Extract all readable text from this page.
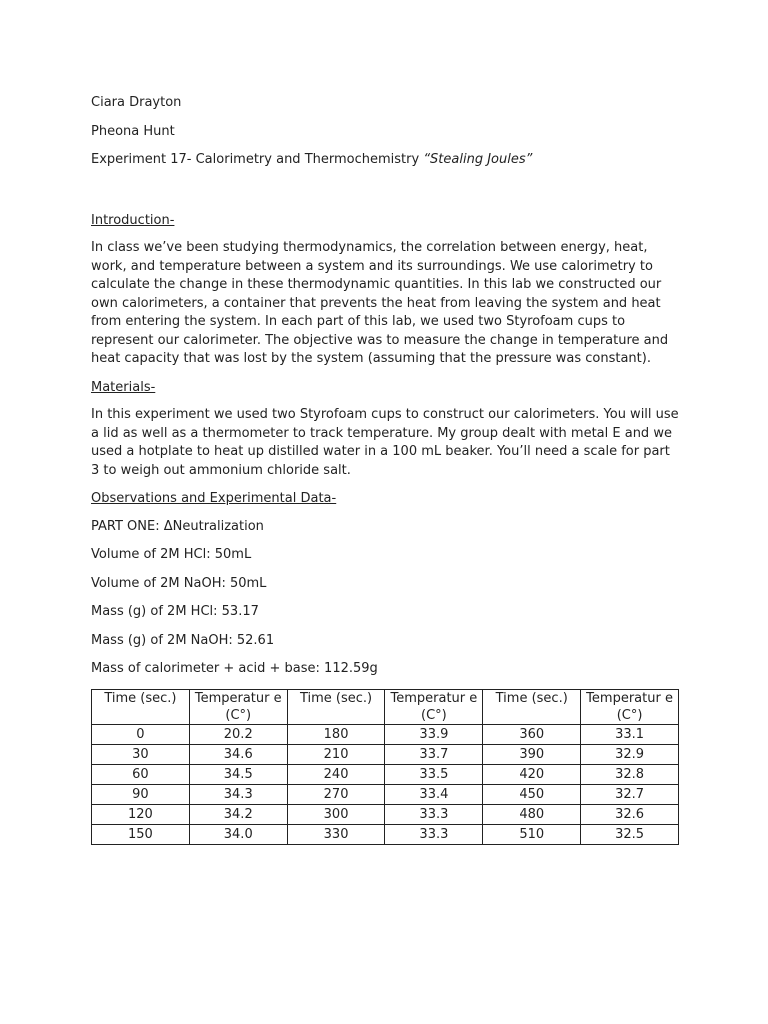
Ciara Drayton

Pheona Hunt

Experiment 17- Calorimetry and Thermochemistry “Stealing Joules”

Introduction-

In class we’ve been studying thermodynamics, the correlation between energy, heat, work, and temperature between a system and its surroundings. We use calorimetry to calculate the change in these thermodynamic quantities. In this lab we constructed our own calorimeters, a container that prevents the heat from leaving the system and heat from entering the system. In each part of this lab, we used two Styrofoam cups to represent our calorimeter. The objective was to measure the change in temperature and heat capacity that was lost by the system (assuming that the pressure was constant).

Materials-

In this experiment we used two Styrofoam cups to construct our calorimeters. You will use a lid as well as a thermometer to track temperature. My group dealt with metal E and we used a hotplate to heat up distilled water in a 100 mL beaker. You’ll need a scale for part 3 to weigh out ammonium chloride salt.

Observations and Experimental Data-

PART ONE: ΔNeutralization

Volume of 2M HCl: 50mL

Volume of 2M NaOH: 50mL

Mass (g) of 2M HCl: 53.17

Mass (g) of 2M NaOH: 52.61

Mass of calorimeter + acid + base: 112.59g

Time (sec.)	Temperatur e (C°)	Time (sec.)	Temperatur e (C°)	Time (sec.)	Temperatur e (C°)
0	20.2	180	33.9	360	33.1
30	34.6	210	33.7	390	32.9
60	34.5	240	33.5	420	32.8
90	34.3	270	33.4	450	32.7
120	34.2	300	33.3	480	32.6
150	34.0	330	33.3	510	32.5
